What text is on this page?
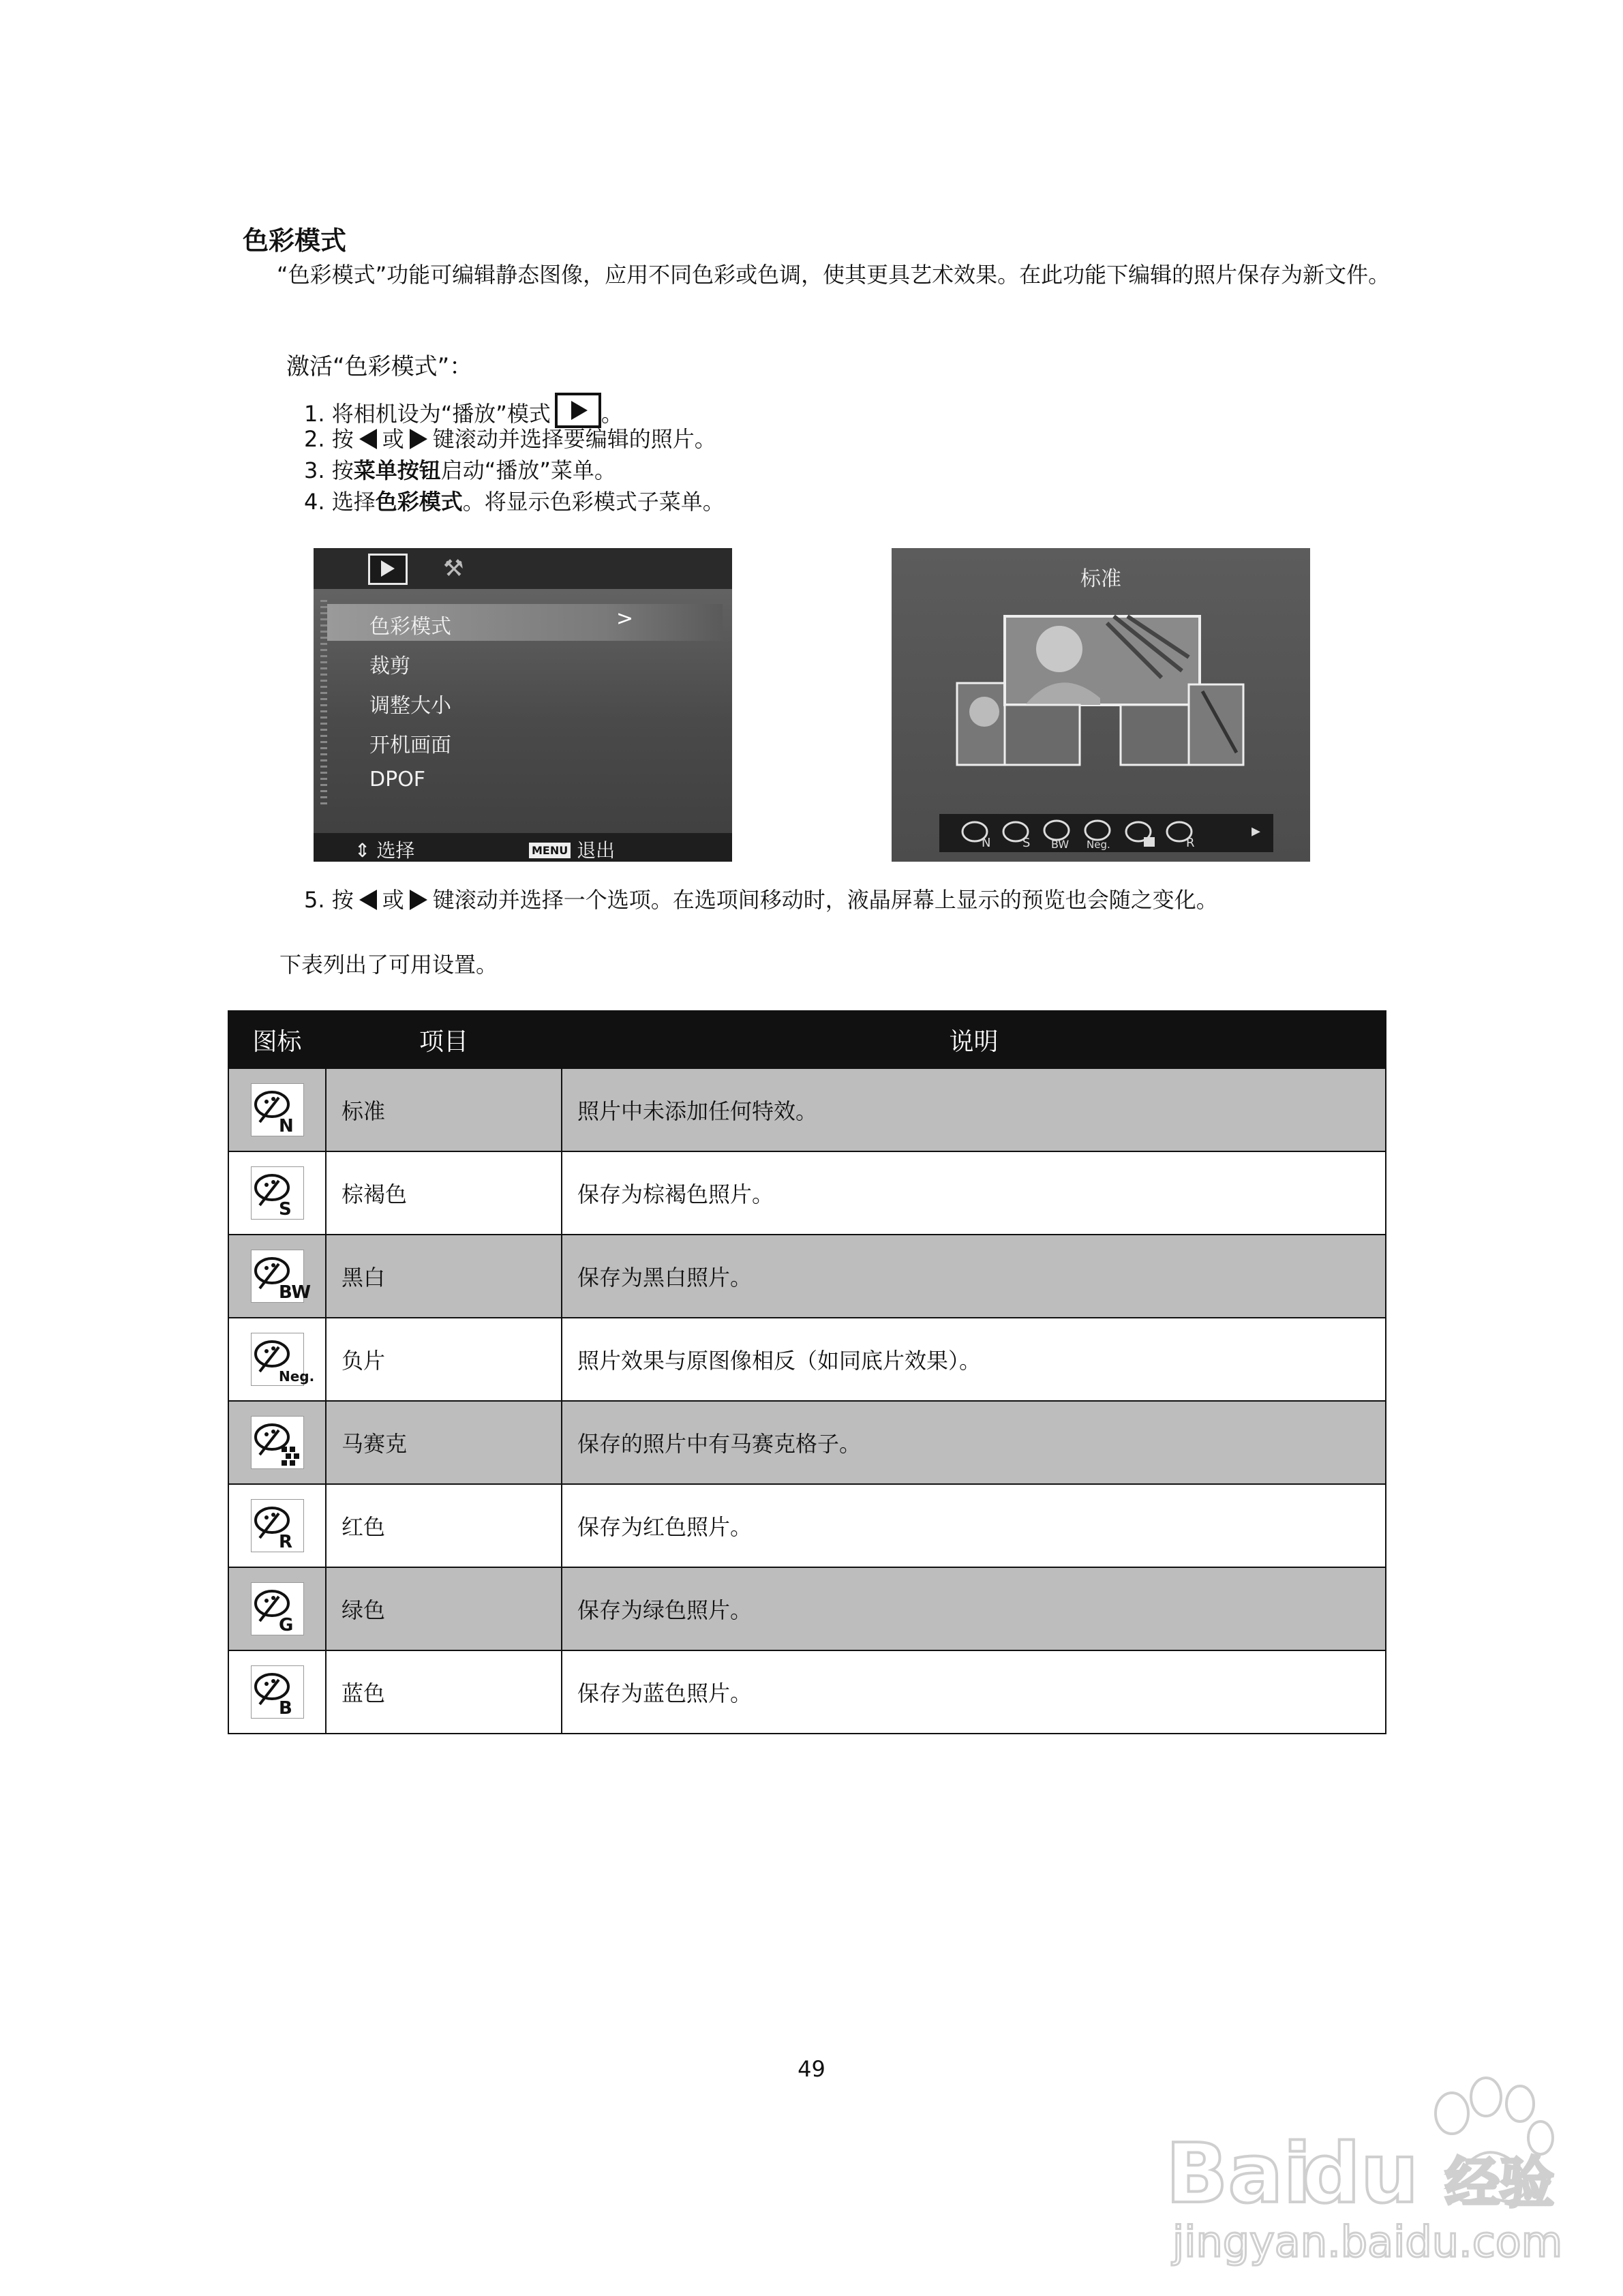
色彩模式
“色彩模式”功能可编辑静态图像，应用不同色彩或色调，使其更具艺术效果。在此功能下编辑的照片保存为新文件。
激活“色彩模式”：
1. 将相机设为“播放”模式 。
2. 按 或 键滚动并选择要编辑的照片。
3. 按菜单按钮启动“播放”菜单。
4. 选择色彩模式。将显示色彩模式子菜单。
⚒
色彩模式	>
裁剪
调整大小
开机画面
DPOF
⇕ 选择	MENU 退出
标准
N	S BW Neg.	R
▸
5. 按 或 键滚动并选择一个选项。在选项间移动时，液晶屏幕上显示的预览也会随之变化。
下表列出了可用设置。
图标	项目	说明

N	标准	照片中未添加任何特效。

S	棕褐色	保存为棕褐色照片。

BW	黑白	保存为黑白照片。

Neg.	负片	照片效果与原图像相反（如同底片效果）。
	马赛克	保存的照片中有马赛克格子。

R	红色	保存为红色照片。

G	绿色	保存为绿色照片。

B	蓝色	保存为蓝色照片。
49
Bai
du 经验
jingyan.baidu.com
